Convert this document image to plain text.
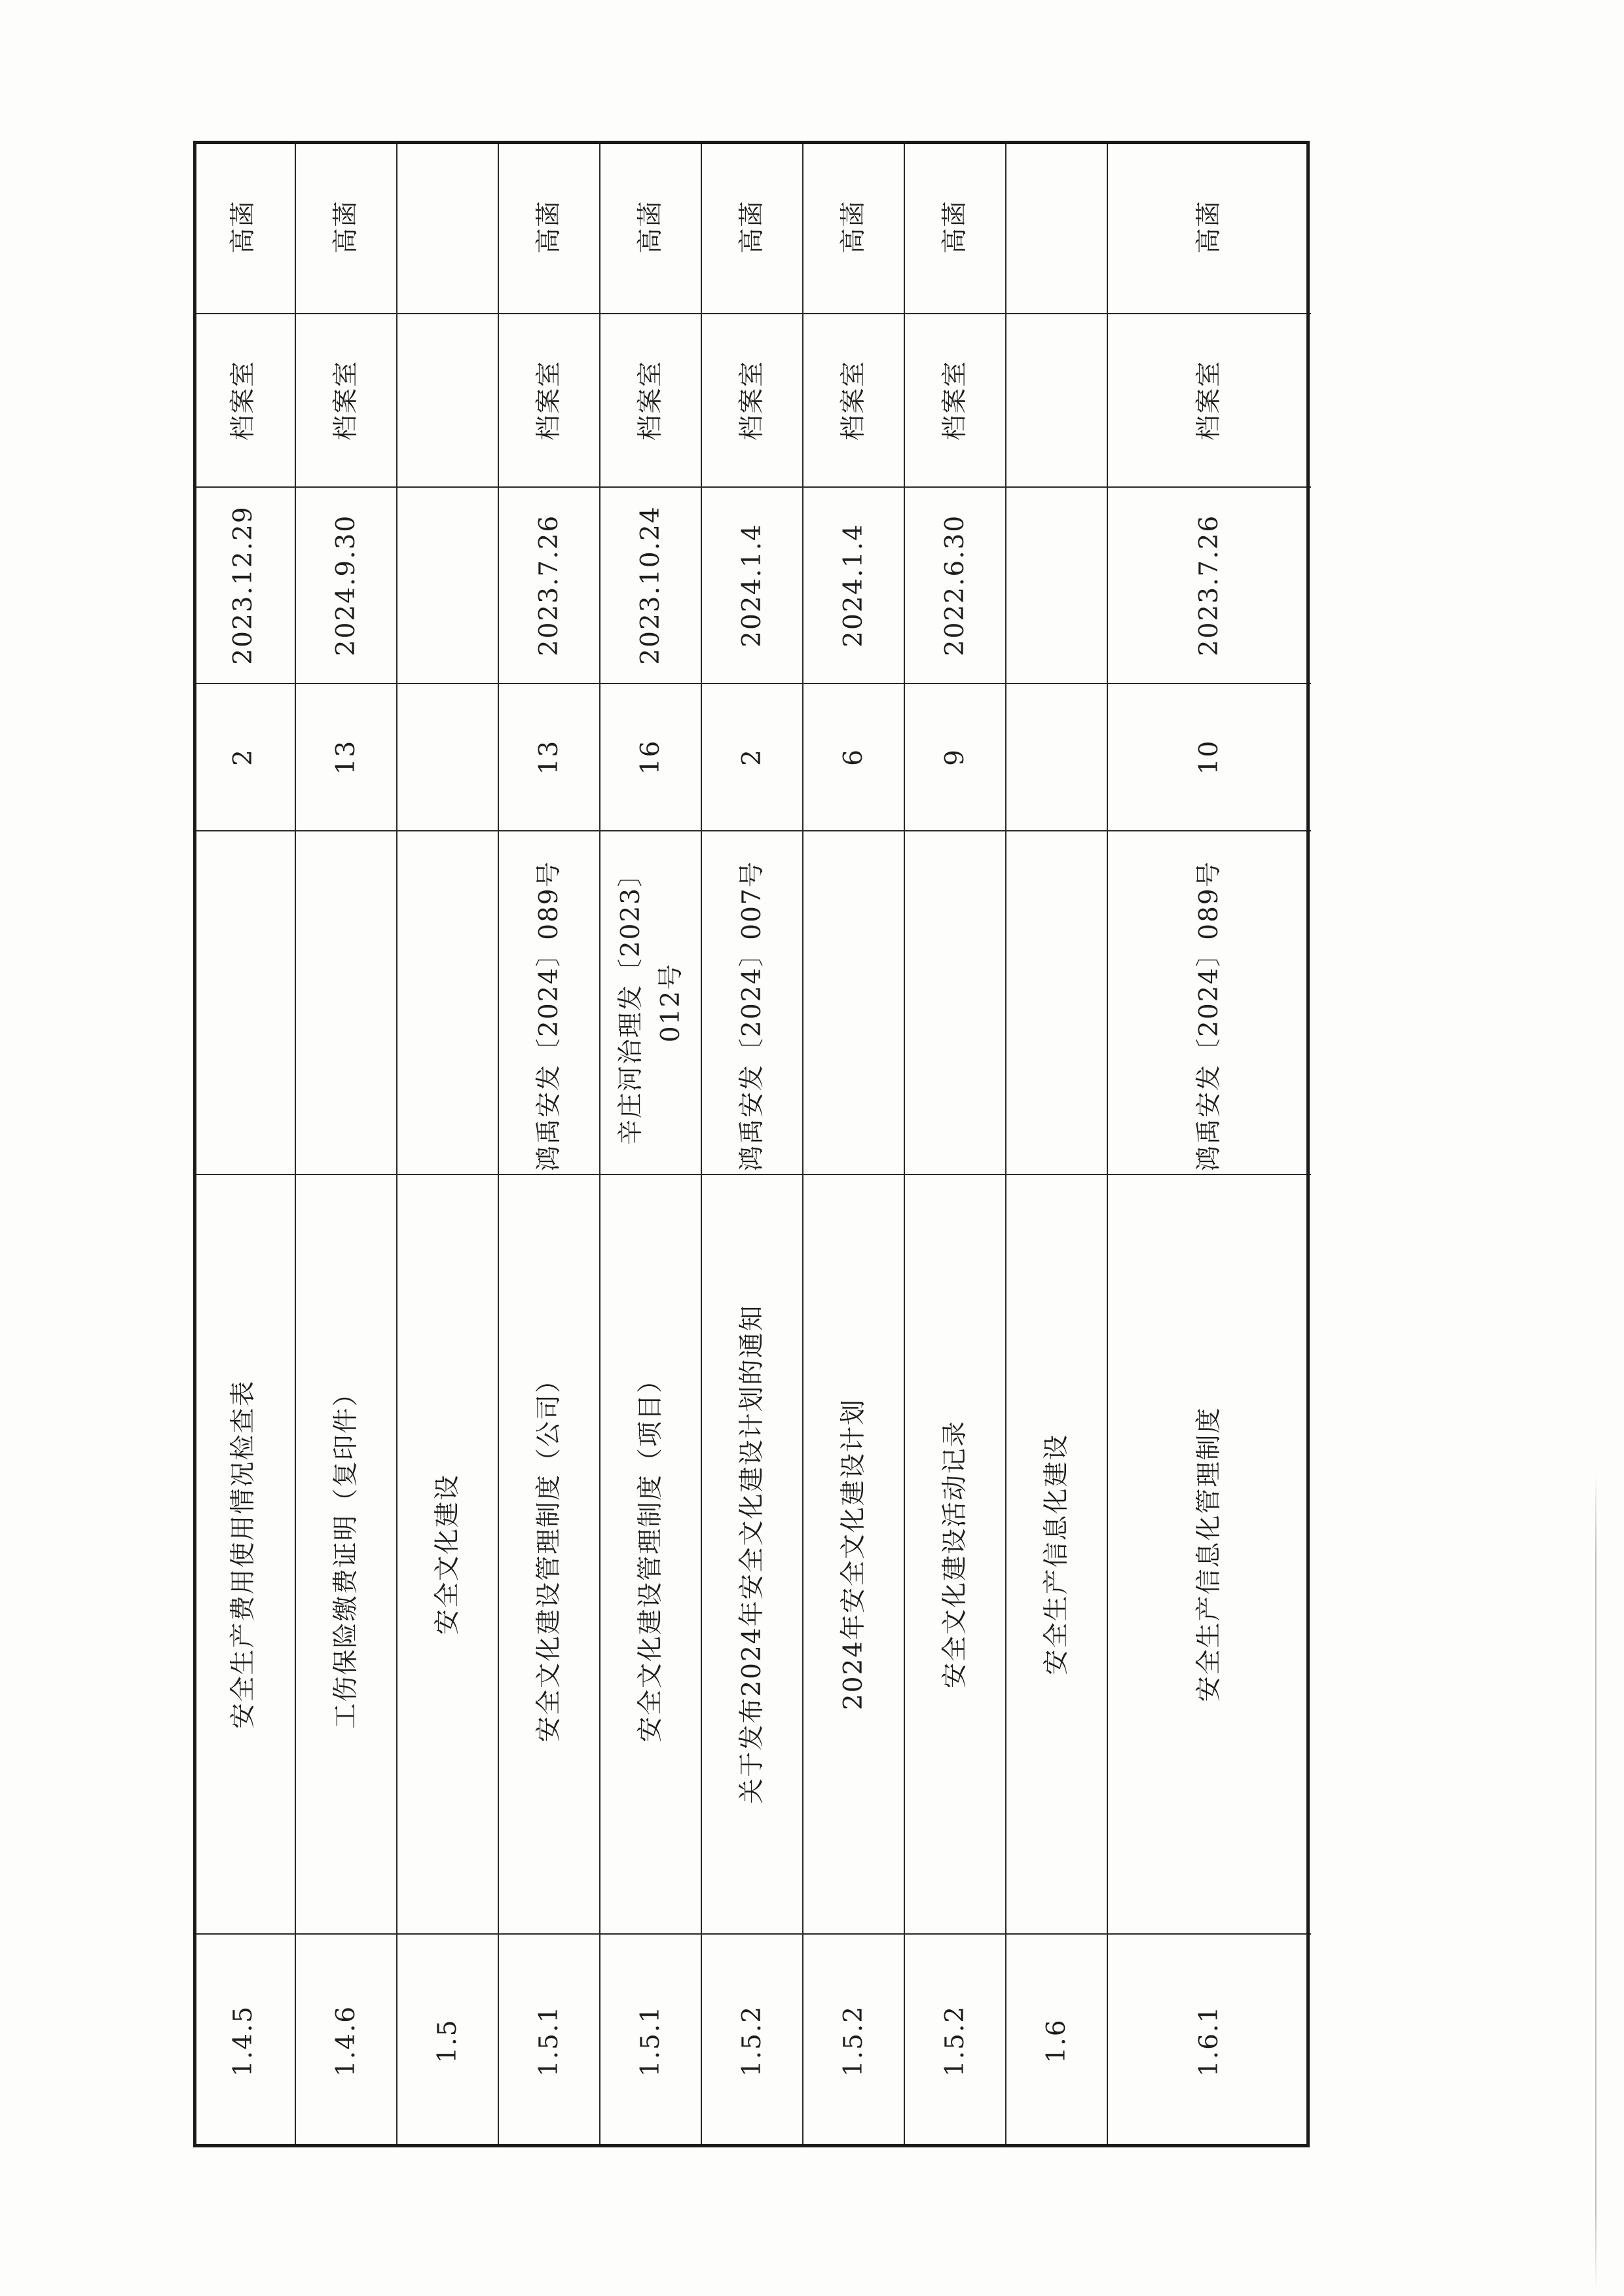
1.4.5
安全生产费用使用情况检查表
2
2023.12.29
档案室
高菡
1.4.6
工伤保险缴费证明（复印件）
13
2024.9.30
档案室
高菡
1.5
安全文化建设
1.5.1
安全文化建设管理制度（公司）
鸿禹安发〔2024〕089号
13
2023.7.26
档案室
高菡
1.5.1
安全文化建设管理制度（项目）
辛庄河治理发〔2023〕 012号
16
2023.10.24
档案室
高菡
1.5.2
关于发布2024年安全文化建设计划的通知
鸿禹安发〔2024〕007号
2
2024.1.4
档案室
高菡
1.5.2
2024年安全文化建设计划
6
2024.1.4
档案室
高菡
1.5.2
安全文化建设活动记录
9
2022.6.30
档案室
高菡
1.6
安全生产信息化建设
1.6.1
安全生产信息化管理制度
鸿禹安发〔2024〕089号
10
2023.7.26
档案室
高菡
